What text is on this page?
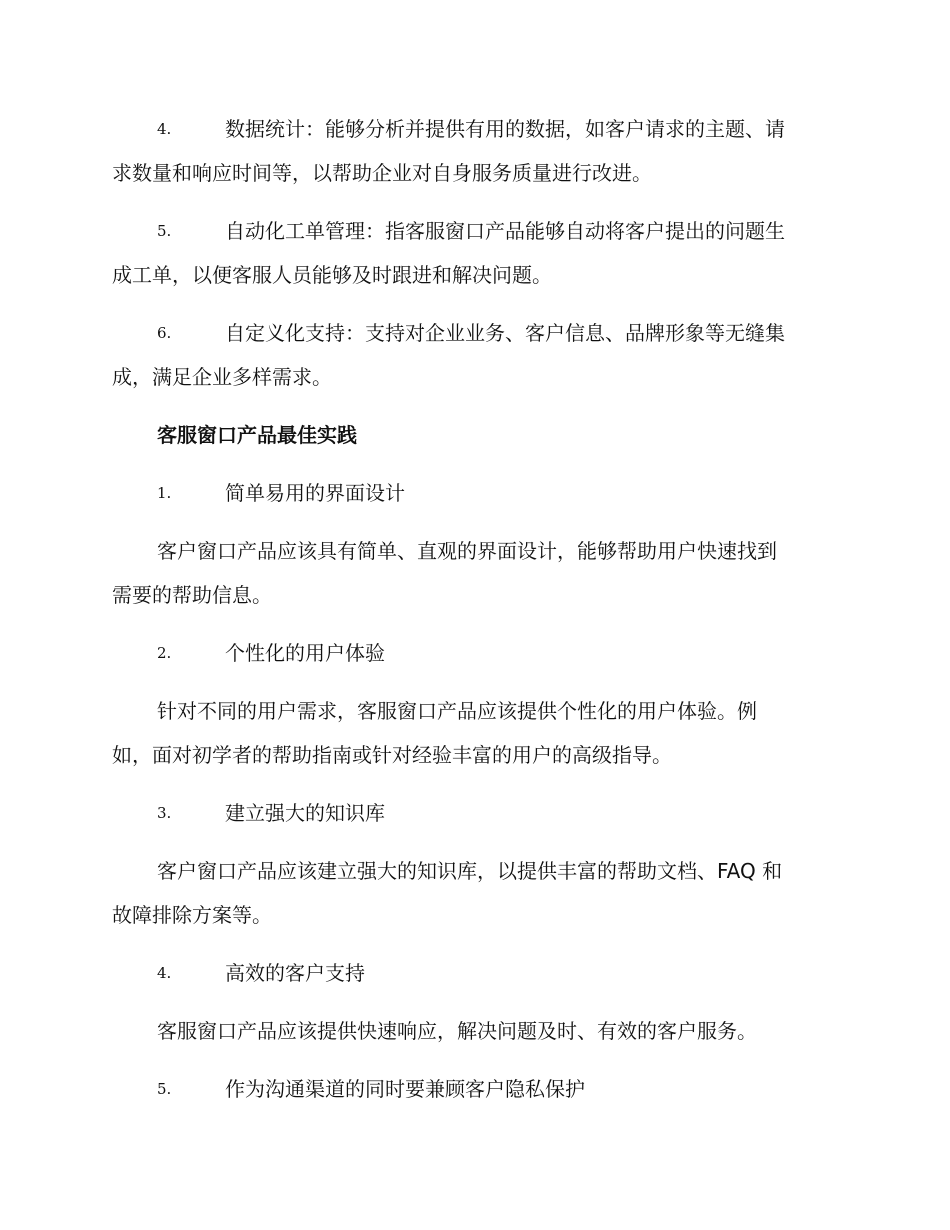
4.	数据统计：能够分析并提供有用的数据，如客户请求的主题、请
求数量和响应时间等，以帮助企业对自身服务质量进行改进。
5.	自动化工单管理：指客服窗口产品能够自动将客户提出的问题生
成工单，以便客服人员能够及时跟进和解决问题。
6.	自定义化支持：支持对企业业务、客户信息、品牌形象等无缝集
成，满足企业多样需求。
客服窗口产品最佳实践
1.	简单易用的界面设计
客户窗口产品应该具有简单、直观的界面设计，能够帮助用户快速找到
需要的帮助信息。
2.	个性化的用户体验
针对不同的用户需求，客服窗口产品应该提供个性化的用户体验。例
如，面对初学者的帮助指南或针对经验丰富的用户的高级指导。
3.	建立强大的知识库
客户窗口产品应该建立强大的知识库，以提供丰富的帮助文档、FAQ 和
故障排除方案等。
4.	高效的客户支持
客服窗口产品应该提供快速响应，解决问题及时、有效的客户服务。
5.	作为沟通渠道的同时要兼顾客户隐私保护
